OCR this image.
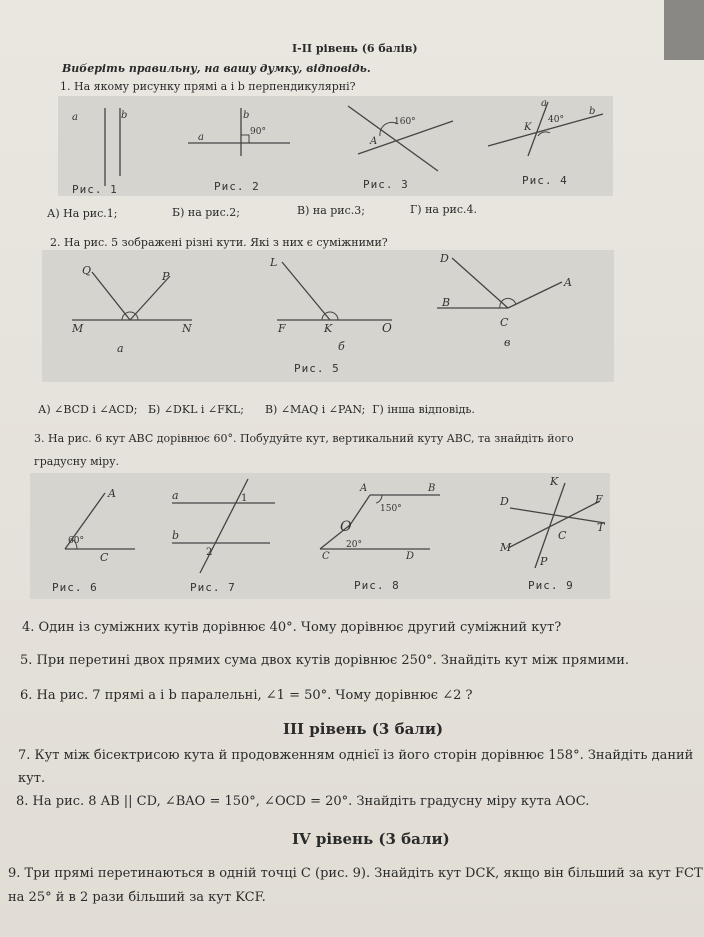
I-II рівень (6 балів)
Виберіть правильну, на вашу думку, відповідь.
1. На якому рисунку прямі a і b перпендикулярні?
a	b	b
a	90°
160°
A
a
b
K
40°
Рис. 1	Рис. 2	Рис. 3	Рис. 4
А) На рис.1;	Б) на рис.2;	В) на рис.3;	Г) на рис.4.
2. На рис. 5 зображені різні кути. Які з них є суміжними?
Q	P
M	N
а
L
F	K	O
б
Рис. 5
D
A
B
C
в
А) ∠BCD і ∠ACD;   Б) ∠DKL і ∠FKL;      В) ∠MAQ і ∠PAN;  Г) інша відповідь.
3. На рис. 6 кут ABC дорівнює 60°. Побудуйте кут, вертикальний куту ABC, та знайдіть його
градусну міру.
A
C
60°
Рис. 6
a
b
1
2
Рис. 7
A	B
O
C	D
150°
20°
Рис. 8
K
D	F
C
T
M
P
Рис. 9
4. Один із суміжних кутів дорівнює 40°. Чому дорівнює другий суміжний кут?
5. При перетині двох прямих сума двох кутів дорівнює 250°. Знайдіть кут між прямими.
6. На рис. 7 прямі a і b паралельні, ∠1 = 50°. Чому дорівнює ∠2 ?
III рівень (3 бали)
7. Кут між бісектрисою кута й продовженням однієї із його сторін дорівнює 158°. Знайдіть даний
кут.
8. На рис. 8 AB || CD, ∠BAO = 150°, ∠OCD = 20°. Знайдіть градусну міру кута AOC.
IV рівень (3 бали)
9. Три прямі перетинаються в одній точці C (рис. 9). Знайдіть кут DCK, якщо він більший за кут FCT
на 25° й в 2 рази більший за кут KCF.
